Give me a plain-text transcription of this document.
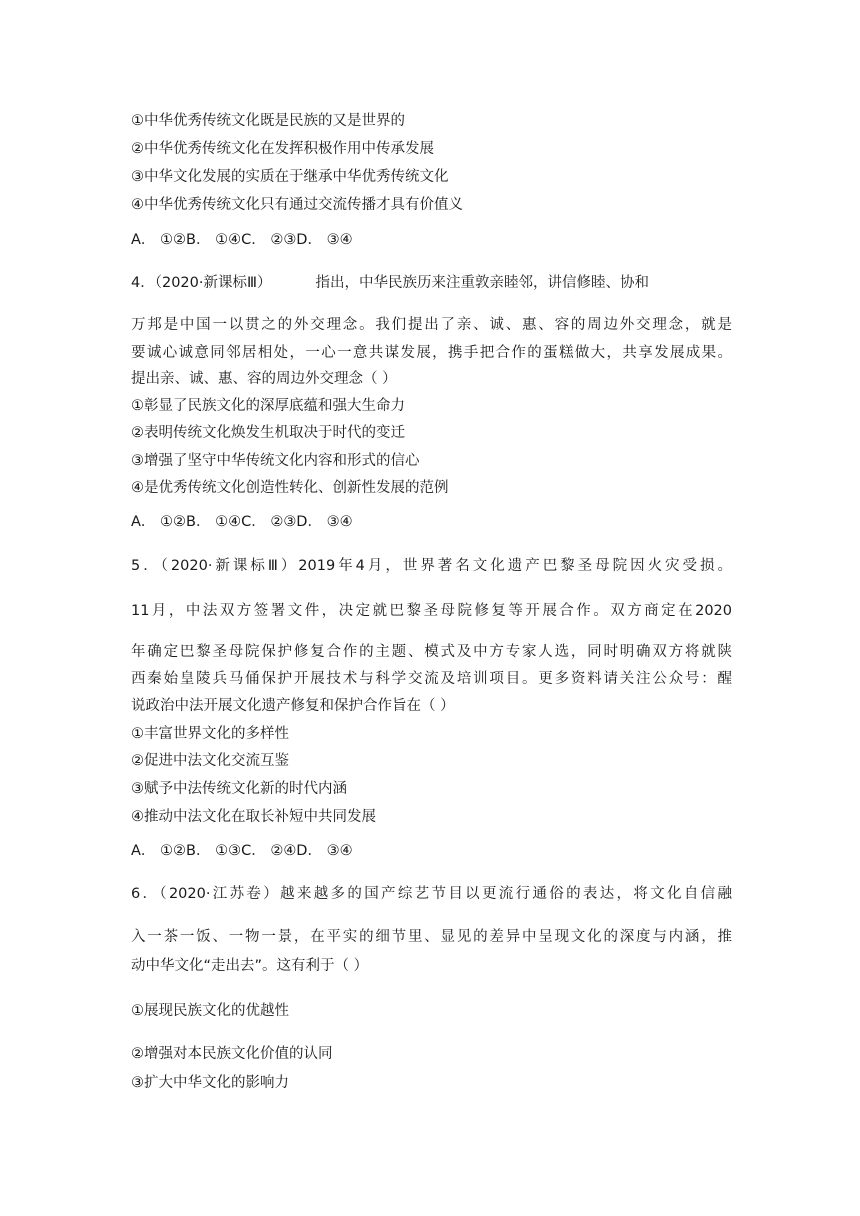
①中华优秀传统文化既是民族的又是世界的
②中华优秀传统文化在发挥积极作用中传承发展
③中华文化发展的实质在于继承中华优秀传统文化
④中华优秀传统文化只有通过交流传播才具有价值义
A． ①②B． ①④C． ②③D． ③④
4．（2020·新课标Ⅲ）	指出，中华民族历来注重敦亲睦邻，讲信修睦、协和
万邦是中国一以贯之的外交理念。我们提出了亲、诚、惠、容的周边外交理念，就是
要诚心诚意同邻居相处，一心一意共谋发展，携手把合作的蛋糕做大，共享发展成果。
提出亲、诚、惠、容的周边外交理念（ ）
①彰显了民族文化的深厚底蕴和强大生命力
②表明传统文化焕发生机取决于时代的变迁
③增强了坚守中华传统文化内容和形式的信心
④是优秀传统文化创造性转化、创新性发展的范例
A． ①②B． ①④C． ②③D． ③④
5．（2020·新课标Ⅲ）2019年4月，世界著名文化遗产巴黎圣母院因火灾受损。
11月，中法双方签署文件，决定就巴黎圣母院修复等开展合作。双方商定在2020
年确定巴黎圣母院保护修复合作的主题、模式及中方专家人选，同时明确双方将就陕
西秦始皇陵兵马俑保护开展技术与科学交流及培训项目。更多资料请关注公众号：醒
说政治中法开展文化遗产修复和保护合作旨在（ ）
①丰富世界文化的多样性
②促进中法文化交流互鉴
③赋予中法传统文化新的时代内涵
④推动中法文化在取长补短中共同发展
A． ①②B． ①③C． ②④D． ③④
6．（2020·江苏卷）越来越多的国产综艺节目以更流行通俗的表达，将文化自信融
入一茶一饭、一物一景，在平实的细节里、显见的差异中呈现文化的深度与内涵，推
动中华文化“走出去”。这有利于（ ）
①展现民族文化的优越性
②增强对本民族文化价值的认同
③扩大中华文化的影响力
